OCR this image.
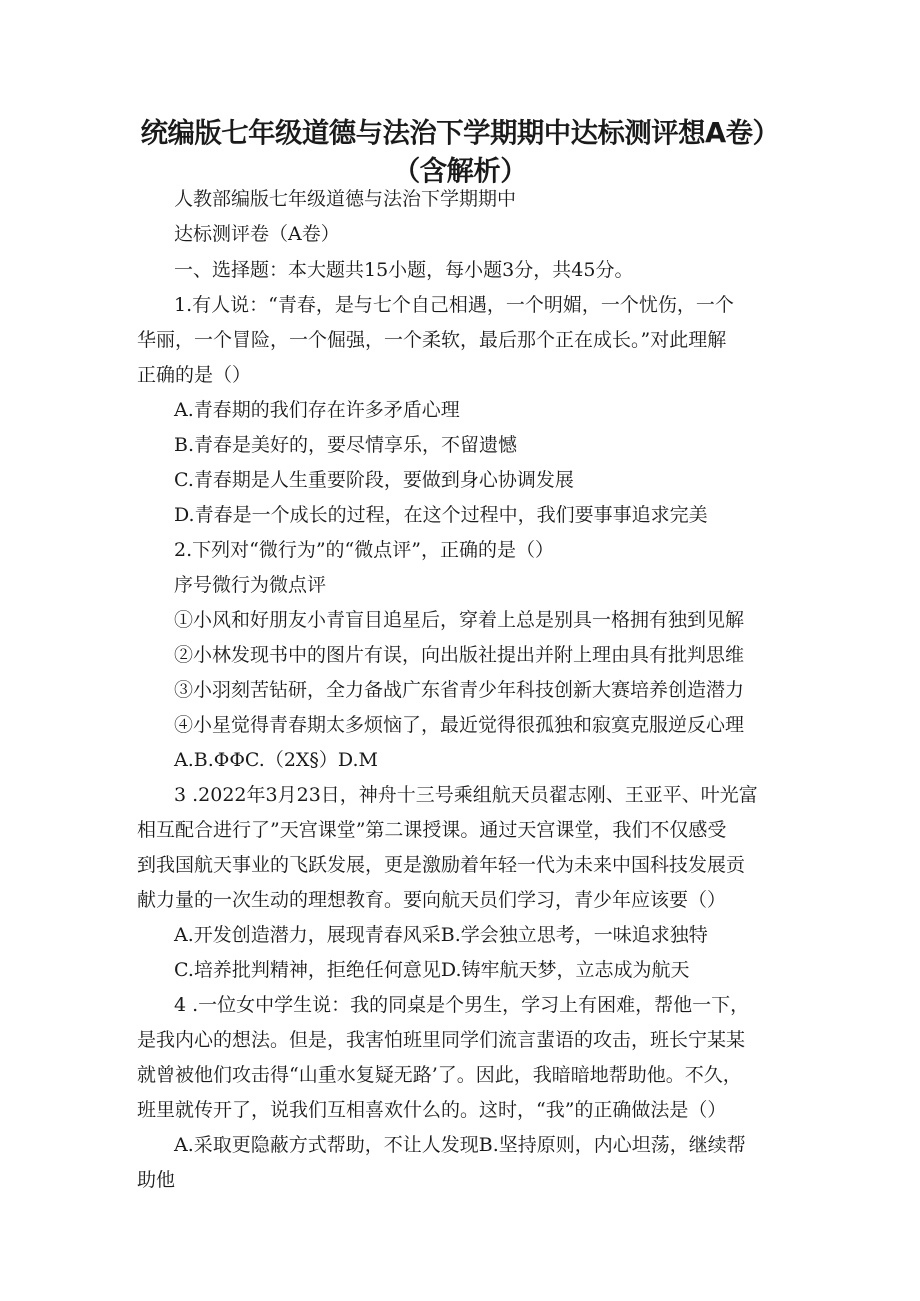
统编版七年级道德与法治下学期期中达标测评想A卷）
（含解析）

人教部编版七年级道德与法治下学期期中

达标测评卷（A卷）

一、选择题：本大题共15小题，每小题3分，共45分。

1.有人说：“青春，是与七个自己相遇，一个明媚，一个忧伤，一个

华丽，一个冒险，一个倔强，一个柔软，最后那个正在成长。”对此理解

正确的是（）

A.青春期的我们存在许多矛盾心理

B.青春是美好的，要尽情享乐，不留遗憾

C.青春期是人生重要阶段，要做到身心协调发展

D.青春是一个成长的过程，在这个过程中，我们要事事追求完美

2.下列对“微行为”的“微点评”，正确的是（）

序号微行为微点评

①小风和好朋友小青盲目追星后，穿着上总是别具一格拥有独到见解

②小林发现书中的图片有误，向出版社提出并附上理由具有批判思维

③小羽刻苦钻研，全力备战广东省青少年科技创新大赛培养创造潜力

④小星觉得青春期太多烦恼了，最近觉得很孤独和寂寞克服逆反心理

A.B.ΦΦC.（2X§）D.M

3 .2022年3月23日，神舟十三号乘组航天员翟志刚、王亚平、叶光富

相互配合进行了”天宫课堂”第二课授课。通过天宫课堂，我们不仅感受

到我国航天事业的飞跃发展，更是激励着年轻一代为未来中国科技发展贡

献力量的一次生动的理想教育。要向航天员们学习，青少年应该要（）

A.开发创造潜力，展现青春风采B.学会独立思考，一味追求独特

C.培养批判精神，拒绝任何意见D.铸牢航天梦，立志成为航天

4 .一位女中学生说：我的同桌是个男生，学习上有困难，帮他一下，

是我内心的想法。但是，我害怕班里同学们流言蜚语的攻击，班长宁某某

就曾被他们攻击得“山重水复疑无路’了。因此，我暗暗地帮助他。不久，

班里就传开了，说我们互相喜欢什么的。这时，“我”的正确做法是（）

A.采取更隐蔽方式帮助，不让人发现B.坚持原则，内心坦荡，继续帮

助他
